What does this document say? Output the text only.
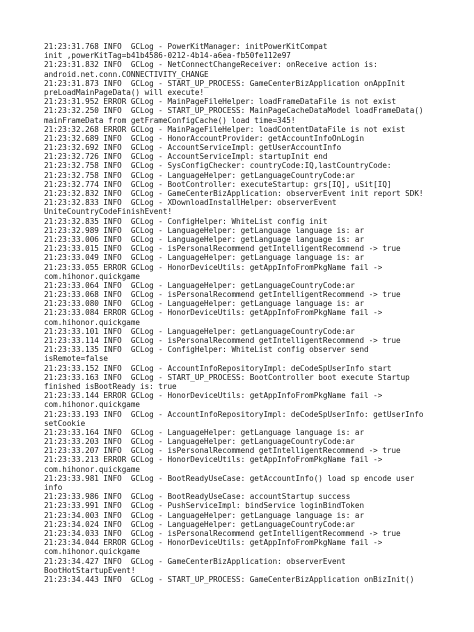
21:23:31.768 INFO  GCLog - PowerKitManager: initPowerKitCompat
init ,powerKitTag=b41b4586-0212-4b14-a6ea-fb50fe112e97
21:23:31.832 INFO  GCLog - NetConnectChangeReceiver: onReceive action is:
android.net.conn.CONNECTIVITY_CHANGE
21:23:31.873 INFO  GCLog - START_UP_PROCESS: GameCenterBizApplication onAppInit
preLoadMainPageData() will execute!
21:23:31.952 ERROR GCLog - MainPageFileHelper: loadFrameDataFile is not exist
21:23:32.250 INFO  GCLog - START_UP_PROCESS: MainPageCacheDataModel loadFrameData()
mainFrameData from getFrameConfigCache() load time=345!
21:23:32.268 ERROR GCLog - MainPageFileHelper: loadContentDataFile is not exist
21:23:32.689 INFO  GCLog - HonorAccountProvider: getAccountInfoOnLogin
21:23:32.692 INFO  GCLog - AccountServiceImpl: getUserAccountInfo
21:23:32.726 INFO  GCLog - AccountServiceImpl: startupInit end
21:23:32.758 INFO  GCLog - SysConfigChecker: countryCode:IQ,lastCountryCode:
21:23:32.758 INFO  GCLog - LanguageHelper: getLanguageCountryCode:ar
21:23:32.774 INFO  GCLog - BootController: executeStartup: grs[IQ], uSit[IQ]
21:23:32.832 INFO  GCLog - GameCenterBizApplication: observerEvent init report SDK!
21:23:32.833 INFO  GCLog - XDownloadInstallHelper: observerEvent
UniteCountryCodeFinishEvent!
21:23:32.835 INFO  GCLog - ConfigHelper: WhiteList config init
21:23:32.989 INFO  GCLog - LanguageHelper: getLanguage language is: ar
21:23:33.006 INFO  GCLog - LanguageHelper: getLanguage language is: ar
21:23:33.015 INFO  GCLog - isPersonalRecommend getIntelligentRecommend -> true
21:23:33.049 INFO  GCLog - LanguageHelper: getLanguage language is: ar
21:23:33.055 ERROR GCLog - HonorDeviceUtils: getAppInfoFromPkgName fail ->
com.hihonor.quickgame
21:23:33.064 INFO  GCLog - LanguageHelper: getLanguageCountryCode:ar
21:23:33.068 INFO  GCLog - isPersonalRecommend getIntelligentRecommend -> true
21:23:33.080 INFO  GCLog - LanguageHelper: getLanguage language is: ar
21:23:33.084 ERROR GCLog - HonorDeviceUtils: getAppInfoFromPkgName fail ->
com.hihonor.quickgame
21:23:33.101 INFO  GCLog - LanguageHelper: getLanguageCountryCode:ar
21:23:33.114 INFO  GCLog - isPersonalRecommend getIntelligentRecommend -> true
21:23:33.135 INFO  GCLog - ConfigHelper: WhiteList config observer send
isRemote=false
21:23:33.152 INFO  GCLog - AccountInfoRepositoryImpl: deCodeSpUserInfo start
21:23:33.163 INFO  GCLog - START_UP_PROCESS: BootController boot execute Startup
finished isBootReady is: true
21:23:33.144 ERROR GCLog - HonorDeviceUtils: getAppInfoFromPkgName fail ->
com.hihonor.quickgame
21:23:33.193 INFO  GCLog - AccountInfoRepositoryImpl: deCodeSpUserInfo: getUserInfo
setCookie
21:23:33.164 INFO  GCLog - LanguageHelper: getLanguage language is: ar
21:23:33.203 INFO  GCLog - LanguageHelper: getLanguageCountryCode:ar
21:23:33.207 INFO  GCLog - isPersonalRecommend getIntelligentRecommend -> true
21:23:33.213 ERROR GCLog - HonorDeviceUtils: getAppInfoFromPkgName fail ->
com.hihonor.quickgame
21:23:33.981 INFO  GCLog - BootReadyUseCase: getAccountInfo() load sp encode user
info
21:23:33.986 INFO  GCLog - BootReadyUseCase: accountStartup success
21:23:33.991 INFO  GCLog - PushServiceImpl: bindService loginBindToken
21:23:34.003 INFO  GCLog - LanguageHelper: getLanguage language is: ar
21:23:34.024 INFO  GCLog - LanguageHelper: getLanguageCountryCode:ar
21:23:34.033 INFO  GCLog - isPersonalRecommend getIntelligentRecommend -> true
21:23:34.044 ERROR GCLog - HonorDeviceUtils: getAppInfoFromPkgName fail ->
com.hihonor.quickgame
21:23:34.427 INFO  GCLog - GameCenterBizApplication: observerEvent
BootHotStartupEvent!
21:23:34.443 INFO  GCLog - START_UP_PROCESS: GameCenterBizApplication onBizInit()
